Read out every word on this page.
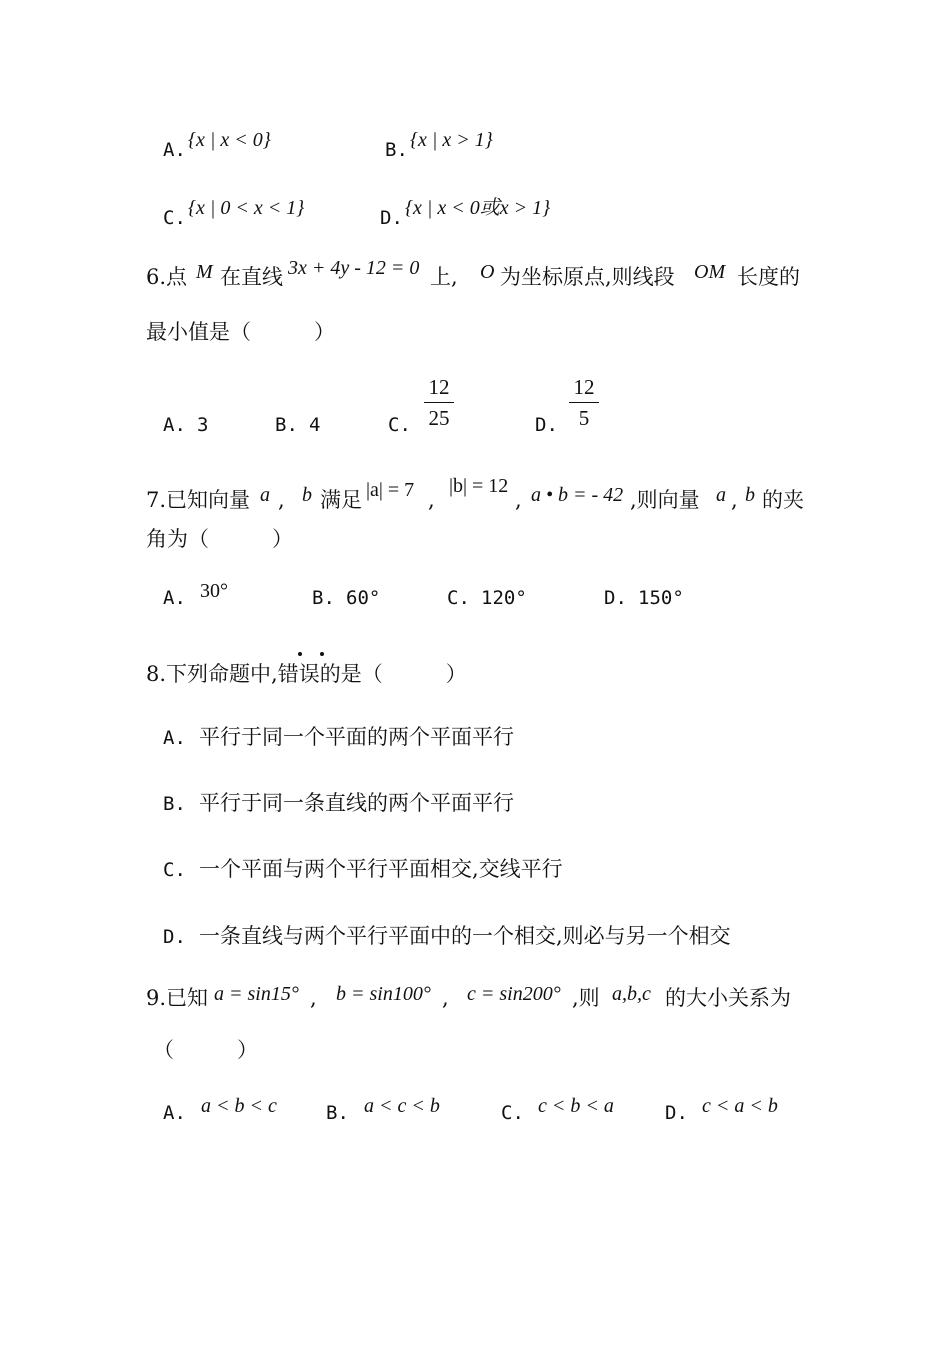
A. {x | x < 0}	B. {x | x > 1}
C. {x | 0 < x < 1}	D. {x | x < 0或x > 1}
6.点 M 在直线 3x + 4y - 12 = 0 上, O 为坐标原点,则线段 OM 长度的
最小值是（　　　）
A. 3	B. 4	C.
12
25	D.
12
5
7.已知向量 a , b 满足 |a| = 7 ,
|b| = 12
, a • b = - 42 ,则向量 a , b 的夹
角为（　　　）
A. 30°	B. 60°	C. 120°	D. 150°
8.下列命题中,错误的是（　　　）
A. 平行于同一个平面的两个平面平行
B. 平行于同一条直线的两个平面平行
C. 一个平面与两个平行平面相交,交线平行
D. 一条直线与两个平行平面中的一个相交,则必与另一个相交
9.已知 a = sin15° , b = sin100° , c = sin200° ,则 a,b,c 的大小关系为
（　　　）
A. a < b < c	B. a < c < b	C. c < b < a	D. c < a < b
